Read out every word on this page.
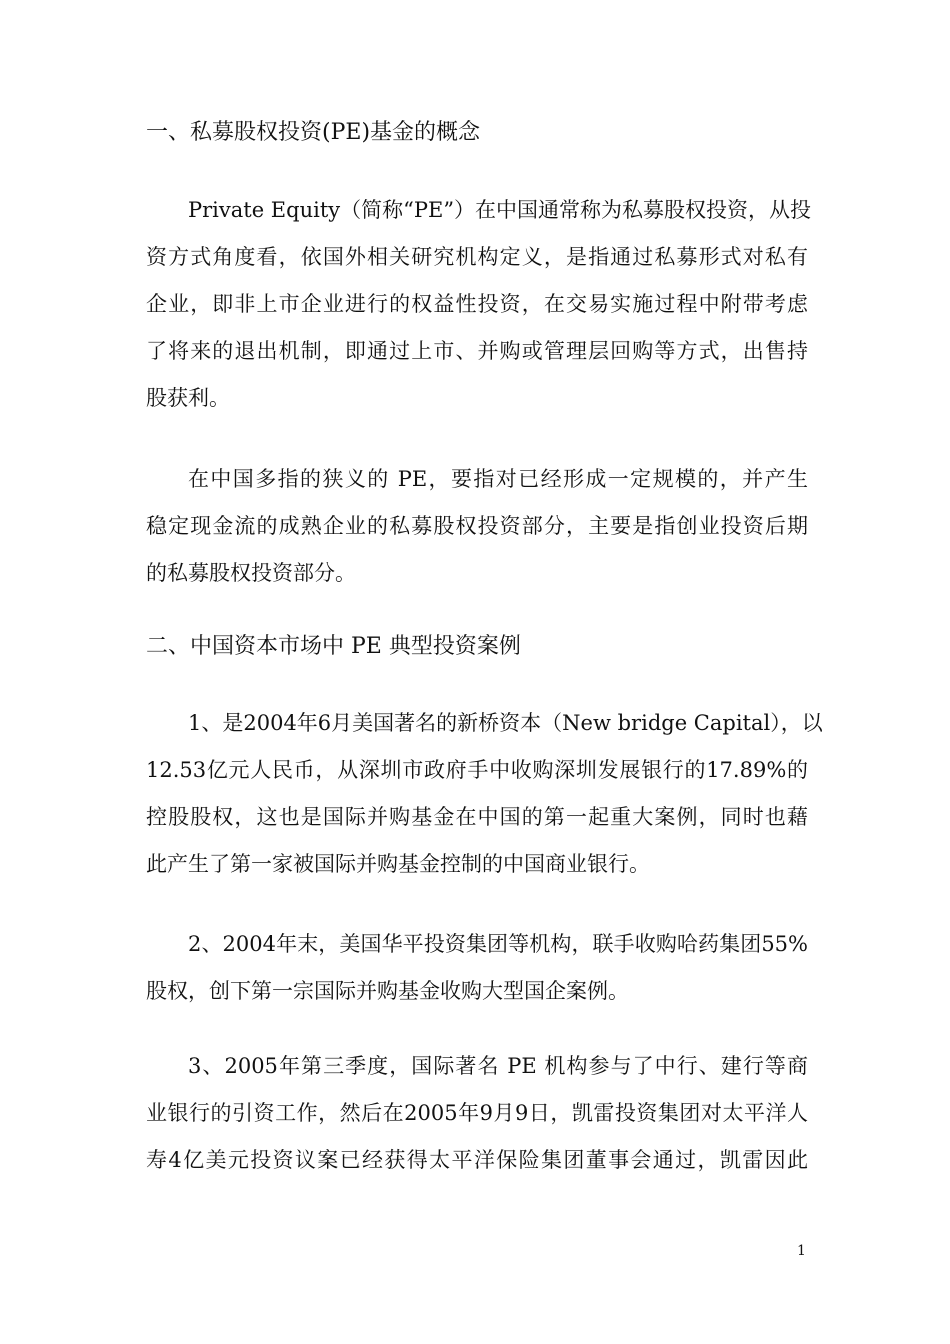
一、私募股权投资(PE)基金的概念
Private Equity（简称“PE”）在中国通常称为私募股权投资，从投
资方式角度看，依国外相关研究机构定义，是指通过私募形式对私有
企业，即非上市企业进行的权益性投资，在交易实施过程中附带考虑
了将来的退出机制，即通过上市、并购或管理层回购等方式，出售持
股获利。
在中国多指的狭义的 PE，要指对已经形成一定规模的，并产生
稳定现金流的成熟企业的私募股权投资部分，主要是指创业投资后期
的私募股权投资部分。
二、中国资本市场中 PE 典型投资案例
1、是2004年6月美国著名的新桥资本（New bridge Capital），以
12.53亿元人民币，从深圳市政府手中收购深圳发展银行的17.89%的
控股股权，这也是国际并购基金在中国的第一起重大案例，同时也藉
此产生了第一家被国际并购基金控制的中国商业银行。
2、2004年末，美国华平投资集团等机构，联手收购哈药集团55%
股权，创下第一宗国际并购基金收购大型国企案例。
3、2005年第三季度，国际著名 PE 机构参与了中行、建行等商
业银行的引资工作，然后在2005年9月9日，凯雷投资集团对太平洋人
寿4亿美元投资议案已经获得太平洋保险集团董事会通过，凯雷因此
1
